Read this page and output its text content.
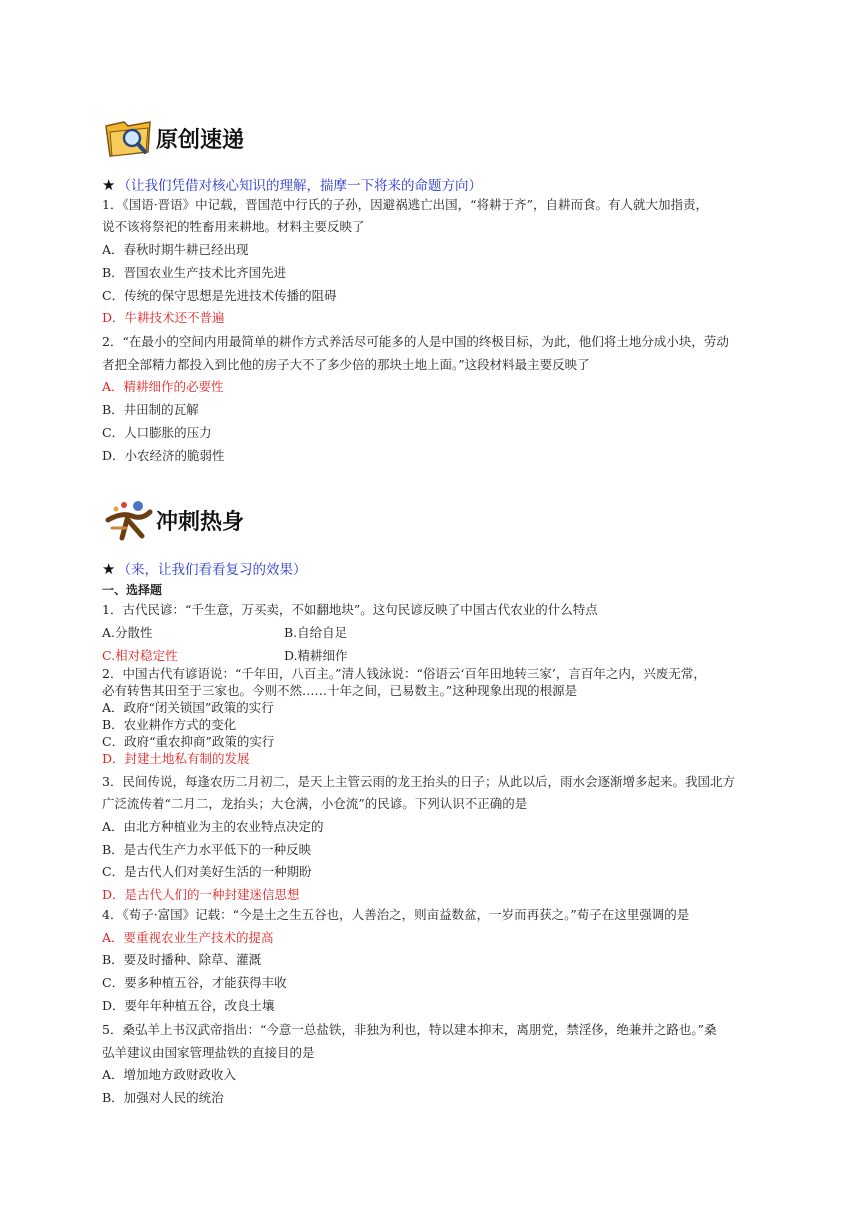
原创速递
★ （让我们凭借对核心知识的理解，揣摩一下将来的命题方向）
1．《国语·晋语》中记载，晋国范中行氏的子孙，因避祸逃亡出国，“将耕于齐”，自耕而食。有人就大加指责，
说不该将祭祀的牲畜用来耕地。材料主要反映了
A．春秋时期牛耕已经出现
B．晋国农业生产技术比齐国先进
C．传统的保守思想是先进技术传播的阻碍
D．牛耕技术还不普遍
2．“在最小的空间内用最简单的耕作方式养活尽可能多的人是中国的终极目标，为此，他们将土地分成小块，劳动
者把全部精力都投入到比他的房子大不了多少倍的那块土地上面。”这段材料最主要反映了
A．精耕细作的必要性
B．井田制的瓦解
C．人口膨胀的压力
D．小农经济的脆弱性
冲刺热身
★ （来，让我们看看复习的效果）
一、选择题
1．古代民谚：“千生意，万买卖，不如翻地块”。这句民谚反映了中国古代农业的什么特点
A.分散性	B.自给自足
C.相对稳定性	D.精耕细作
2．中国古代有谚语说：“千年田，八百主。”清人钱泳说：“俗语云‘百年田地转三家’，言百年之内，兴废无常，
必有转售其田至于三家也。今则不然……十年之间，已易数主。”这种现象出现的根源是
A．政府“闭关锁国”政策的实行
B．农业耕作方式的变化
C．政府“重农抑商”政策的实行
D．封建土地私有制的发展
3．民间传说，每逢农历二月初二，是天上主管云雨的龙王抬头的日子；从此以后，雨水会逐渐增多起来。我国北方
广泛流传着“二月二，龙抬头；大仓满，小仓流”的民谚。下列认识不正确的是
A．由北方种植业为主的农业特点决定的
B．是古代生产力水平低下的一种反映
C．是古代人们对美好生活的一种期盼
D．是古代人们的一种封建迷信思想
4．《荀子·富国》记载：“今是土之生五谷也，人善治之，则亩益数盆，一岁而再获之。”荀子在这里强调的是
A．要重视农业生产技术的提高
B．要及时播种、除草、灌溉
C．要多种植五谷，才能获得丰收
D．要年年种植五谷，改良土壤
5．桑弘羊上书汉武帝指出：“今意一总盐铁，非独为利也，特以建本抑末，离朋党，禁淫侈，绝兼并之路也。”桑
弘羊建议由国家管理盐铁的直接目的是
A．增加地方政财政收入
B．加强对人民的统治
